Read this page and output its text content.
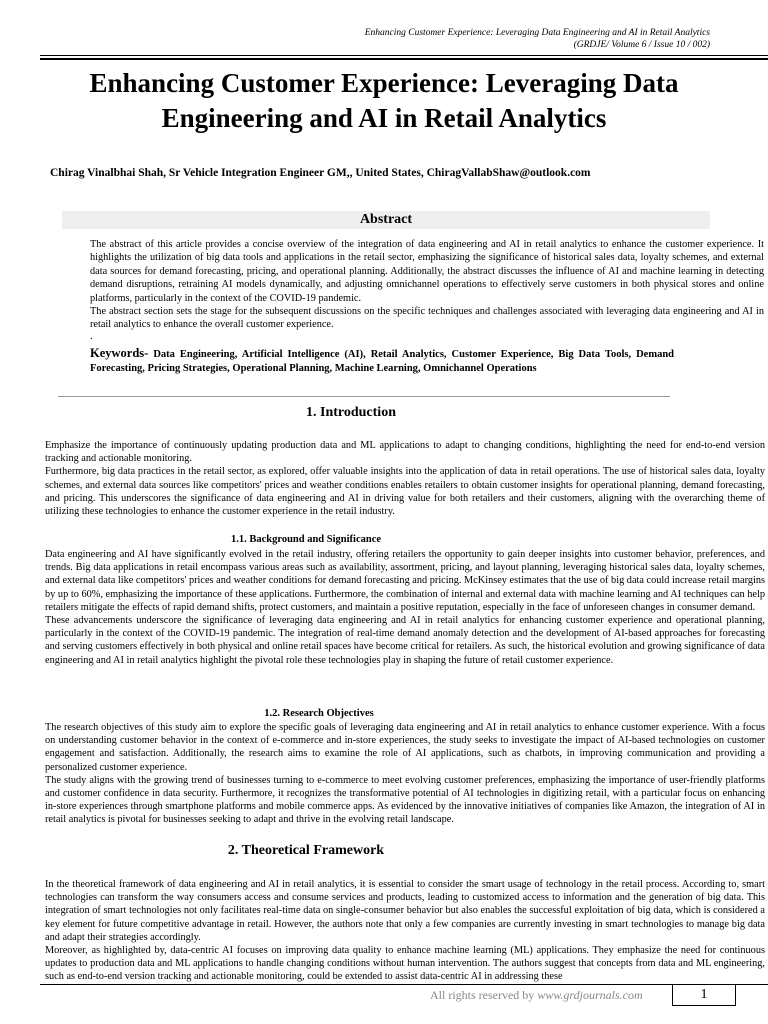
Enhancing Customer Experience: Leveraging Data Engineering and AI in Retail Analytics
(GRDJE/ Volume 6 / Issue 10 / 002)
Enhancing Customer Experience: Leveraging Data
Engineering and AI in Retail Analytics
Chirag Vinalbhai Shah, Sr Vehicle Integration Engineer GM,, United States, ChiragVallabShaw@outlook.com
Abstract

The abstract of this article provides a concise overview of the integration of data engineering and AI in retail analytics to enhance the customer experience. It highlights the utilization of big data tools and applications in the retail sector, emphasizing the significance of historical sales data, loyalty schemes, and external data sources for demand forecasting, pricing, and operational planning. Additionally, the abstract discusses the influence of AI and machine learning in detecting demand disruptions, retraining AI models dynamically, and adjusting omnichannel operations to effectively serve customers in both physical stores and online platforms, particularly in the context of the COVID-19 pandemic.

The abstract section sets the stage for the subsequent discussions on the specific techniques and challenges associated with leveraging data engineering and AI in retail analytics to enhance the overall customer experience.

.

Keywords- Data Engineering, Artificial Intelligence (AI), Retail Analytics, Customer Experience, Big Data Tools, Demand Forecasting, Pricing Strategies, Operational Planning, Machine Learning, Omnichannel Operations
1. Introduction

Emphasize the importance of continuously updating production data and ML applications to adapt to changing conditions, highlighting the need for end-to-end version tracking and actionable monitoring.

Furthermore, big data practices in the retail sector, as explored, offer valuable insights into the application of data in retail operations. The use of historical sales data, loyalty schemes, and external data sources like competitors' prices and weather conditions enables retailers to obtain customer insights for operational planning, demand forecasting, and pricing. This underscores the significance of data engineering and AI in driving value for both retailers and their customers, aligning with the overarching theme of utilizing these technologies to enhance the customer experience in the retail industry.

1.1. Background and Significance

Data engineering and AI have significantly evolved in the retail industry, offering retailers the opportunity to gain deeper insights into customer behavior, preferences, and trends. Big data applications in retail encompass various areas such as availability, assortment, pricing, and layout planning, leveraging historical sales data, loyalty schemes, and external data like competitors' prices and weather conditions for demand forecasting and pricing. McKinsey estimates that the use of big data could increase retail margins by up to 60%, emphasizing the importance of these applications. Furthermore, the combination of internal and external data with machine learning and AI techniques can help retailers mitigate the effects of rapid demand shifts, protect customers, and maintain a positive reputation, especially in the face of unforeseen changes in consumer demand.

These advancements underscore the significance of leveraging data engineering and AI in retail analytics for enhancing customer experience and operational planning, particularly in the context of the COVID-19 pandemic. The integration of real-time demand anomaly detection and the development of AI-based approaches for forecasting and serving customers effectively in both physical and online retail spaces have become critical for retailers. As such, the historical evolution and growing significance of data engineering and AI in retail analytics highlight the pivotal role these technologies play in shaping the future of retail customer experience.

1.2. Research Objectives

The research objectives of this study aim to explore the specific goals of leveraging data engineering and AI in retail analytics to enhance customer experience. With a focus on understanding customer behavior in the context of e-commerce and in-store experiences, the study seeks to investigate the impact of AI-based technologies on customer engagement and satisfaction. Additionally, the research aims to examine the role of AI applications, such as chatbots, in improving communication and providing a personalized customer experience.

The study aligns with the growing trend of businesses turning to e-commerce to meet evolving customer preferences, emphasizing the importance of user-friendly platforms and customer confidence in data security. Furthermore, it recognizes the transformative potential of AI technologies in digitizing retail, with a particular focus on enhancing in-store experiences through smartphone platforms and mobile commerce apps. As evidenced by the innovative initiatives of companies like Amazon, the integration of AI in retail analytics is pivotal for businesses seeking to adapt and thrive in the evolving retail landscape.

2. Theoretical Framework

In the theoretical framework of data engineering and AI in retail analytics, it is essential to consider the smart usage of technology in the retail process. According to, smart technologies can transform the way consumers access and consume services and products, leading to customized access to information and the generation of big data. This integration of smart technologies not only facilitates real-time data on single-consumer behavior but also enables the successful exploitation of big data, which is considered a key element for future competitive advantage in retail. However, the authors note that only a few companies are currently investing in smart technologies to manage big data and adapt their strategies accordingly.

Moreover, as highlighted by, data-centric AI focuses on improving data quality to enhance machine learning (ML) applications. They emphasize the need for continuous updates to production data and ML applications to handle changing conditions without human intervention. The authors suggest that concepts from data and ML engineering, such as end-to-end version tracking and actionable monitoring, could be extended to assist data-centric AI in addressing these

All rights reserved by www.grdjournals.com	1
